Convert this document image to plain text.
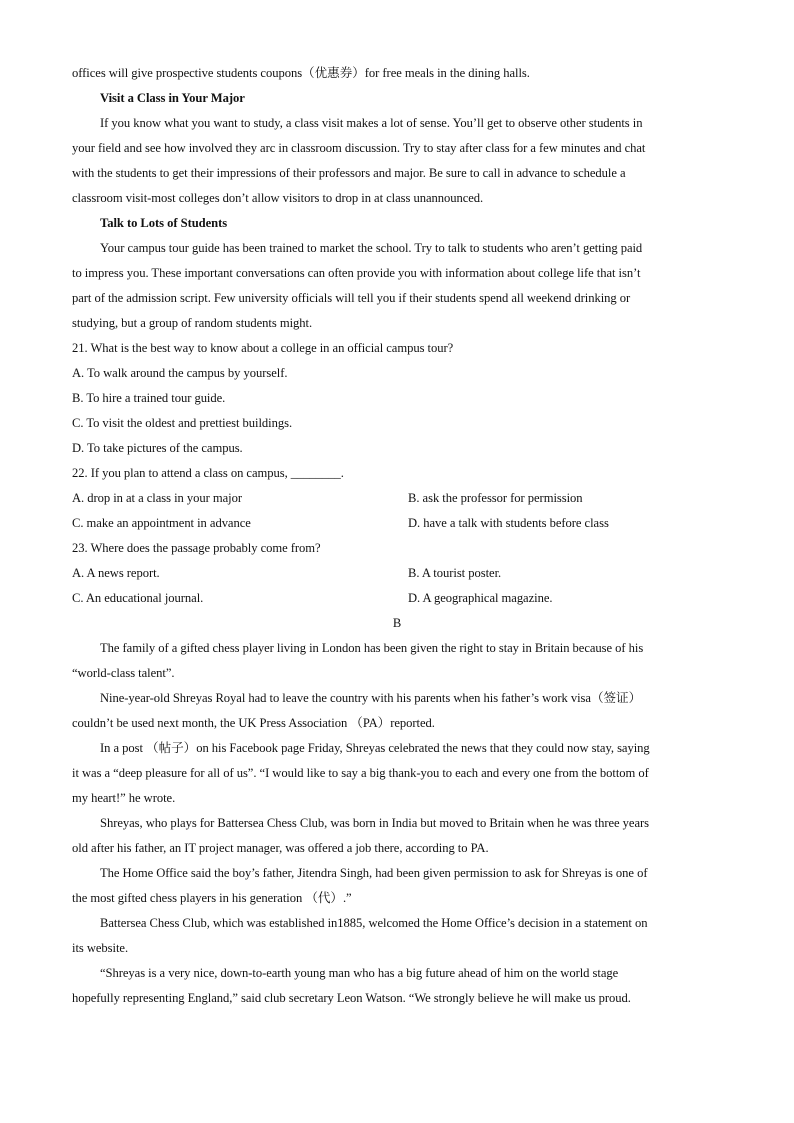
offices will give prospective students coupons（优惠券）for free meals in the dining halls.
Visit a Class in Your Major
If you know what you want to study, a class visit makes a lot of sense. You’ll get to observe other students in
your field and see how involved they arc in classroom discussion. Try to stay after class for a few minutes and chat
with the students to get their impressions of their professors and major. Be sure to call in advance to schedule a
classroom visit-most colleges don’t allow visitors to drop in at class unannounced.
Talk to Lots of Students
Your campus tour guide has been trained to market the school. Try to talk to students who aren’t getting paid
to impress you. These important conversations can often provide you with information about college life that isn’t
part of the admission script. Few university officials will tell you if their students spend all weekend drinking or
studying, but a group of random students might.
21. What is the best way to know about a college in an official campus tour?
A. To walk around the campus by yourself.
B. To hire a trained tour guide.
C. To visit the oldest and prettiest buildings.
D. To take pictures of the campus.
22. If you plan to attend a class on campus, ________.
A. drop in at a class in your major	B. ask the professor for permission
C. make an appointment in advance	D. have a talk with students before class
23. Where does the passage probably come from?
A. A news report.	B. A tourist poster.
C. An educational journal.	D. A geographical magazine.
B
The family of a gifted chess player living in London has been given the right to stay in Britain because of his
“world-class talent”.
Nine-year-old Shreyas Royal had to leave the country with his parents when his father’s work visa（签证）
couldn’t be used next month, the UK Press Association （PA）reported.
In a post （帖子）on his Facebook page Friday, Shreyas celebrated the news that they could now stay, saying
it was a “deep pleasure for all of us”. “I would like to say a big thank-you to each and every one from the bottom of
my heart!” he wrote.
Shreyas, who plays for Battersea Chess Club, was born in India but moved to Britain when he was three years
old after his father, an IT project manager, was offered a job there, according to PA.
The Home Office said the boy’s father, Jitendra Singh, had been given permission to ask for Shreyas is one of
the most gifted chess players in his generation （代）.”
Battersea Chess Club, which was established in1885, welcomed the Home Office’s decision in a statement on
its website.
“Shreyas is a very nice, down-to-earth young man who has a big future ahead of him on the world stage
hopefully representing England,” said club secretary Leon Watson. “We strongly believe he will make us proud.
